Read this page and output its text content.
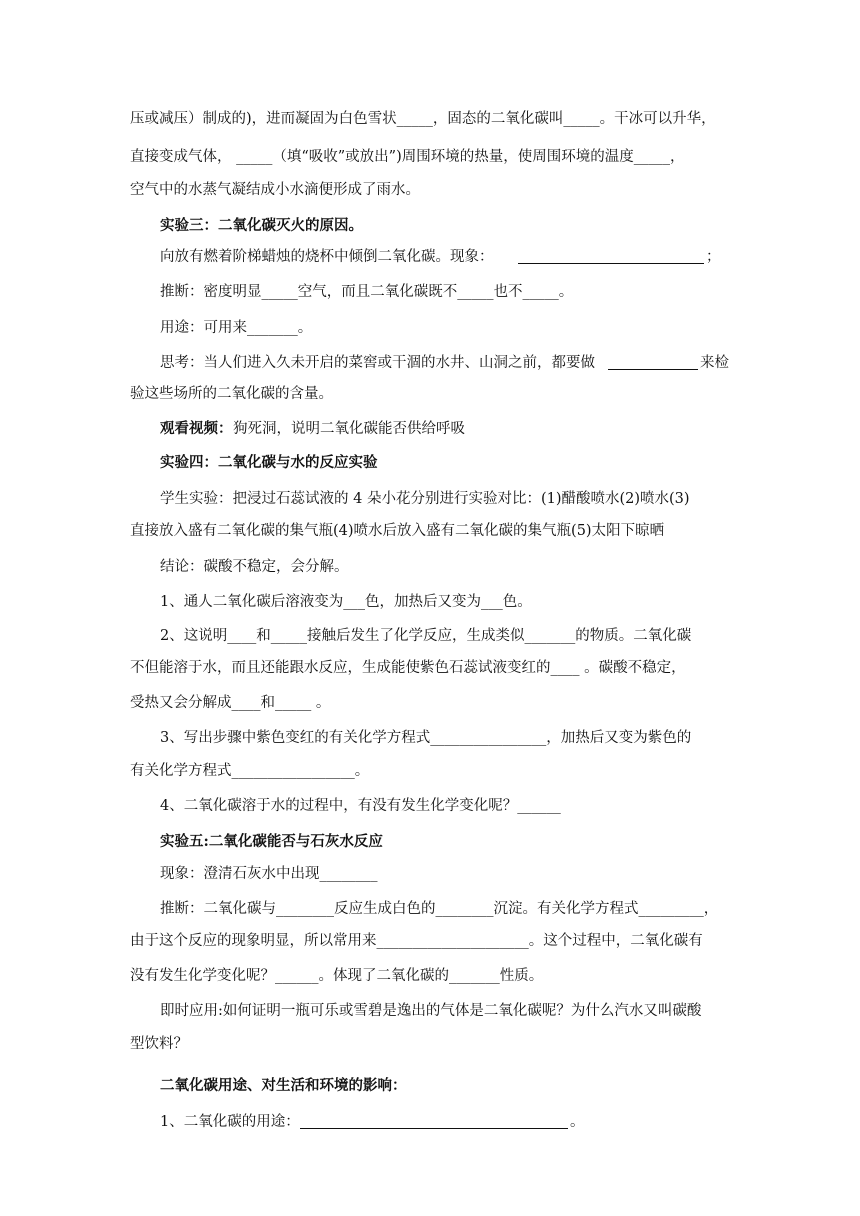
压或减压）制成的)，进而凝固为白色雪状_____，固态的二氧化碳叫_____。干冰可以升华，
直接变成气体， _____（填“吸收”或放出”)周围环境的热量，使周围环境的温度_____，
空气中的水蒸气凝结成小水滴便形成了雨水。
实验三：二氧化碳灭火的原因。
向放有燃着阶梯蜡烛的烧杯中倾倒二氧化碳。现象：	；
推断：密度明显_____空气，而且二氧化碳既不_____也不_____。
用途：可用来_______。
思考：当人们进入久未开启的菜窖或干涸的水井、山洞之前，都要做	来检
验这些场所的二氧化碳的含量。
观看视频： 狗死洞，说明二氧化碳能否供给呼吸
实验四：二氧化碳与水的反应实验
学生实验：把浸过石蕊试液的 4 朵小花分别进行实验对比：(1)醋酸喷水(2)喷水(3)
直接放入盛有二氧化碳的集气瓶(4)喷水后放入盛有二氧化碳的集气瓶(5)太阳下晾晒
结论：碳酸不稳定，会分解。
1、通人二氧化碳后溶液变为___色，加热后又变为___色。
2、这说明____和_____接触后发生了化学反应，生成类似_______的物质。二氧化碳
不但能溶于水，而且还能跟水反应，生成能使紫色石蕊试液变红的____ 。碳酸不稳定，
受热又会分解成____和_____ 。
3、写出步骤中紫色变红的有关化学方程式________________，加热后又变为紫色的
有关化学方程式_________________。
4、二氧化碳溶于水的过程中，有没有发生化学变化呢？______
实验五:二氧化碳能否与石灰水反应
现象：澄清石灰水中出现________
推断：二氧化碳与________反应生成白色的________沉淀。有关化学方程式_________，
由于这个反应的现象明显，所以常用来_____________________。这个过程中，二氧化碳有
没有发生化学变化呢？______。体现了二氧化碳的_______性质。
即时应用:如何证明一瓶可乐或雪碧是逸出的气体是二氧化碳呢？为什么汽水又叫碳酸
型饮料？
二氧化碳用途、对生活和环境的影响：
1、二氧化碳的用途：	。
